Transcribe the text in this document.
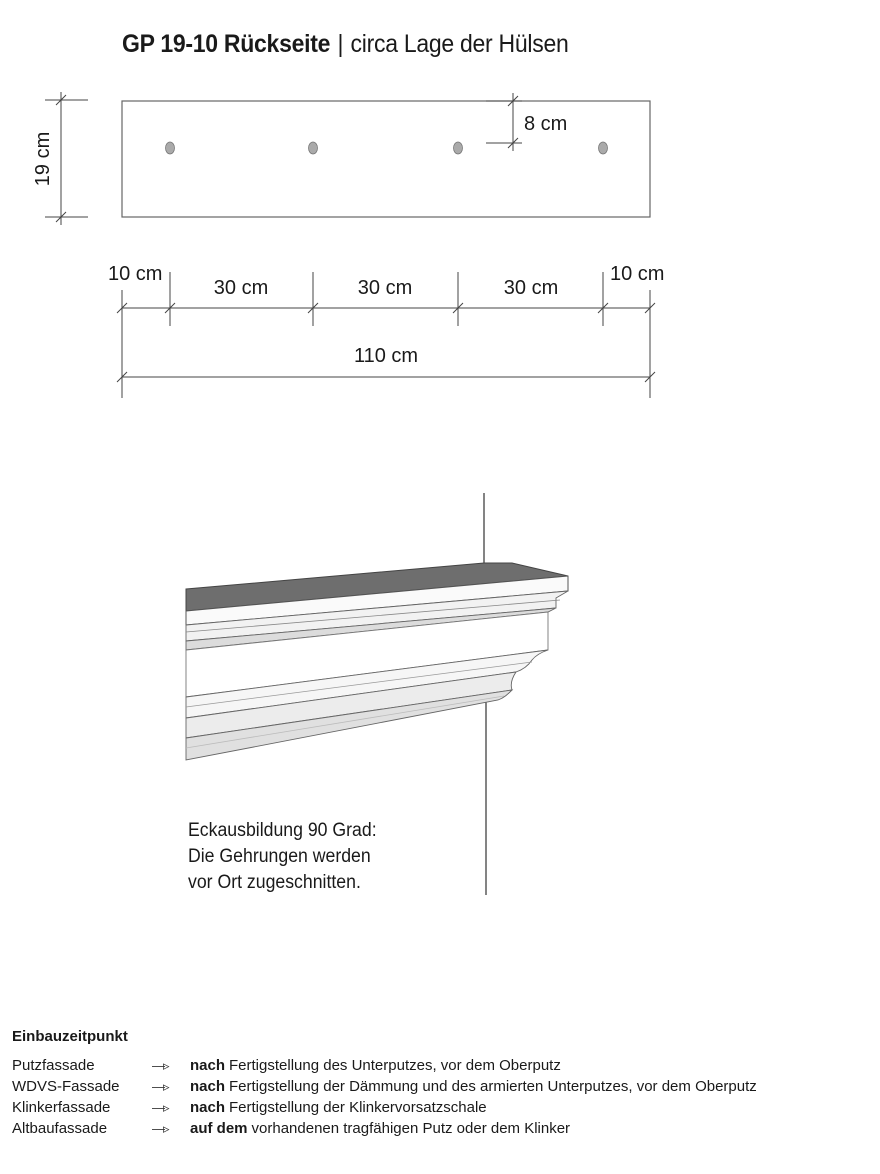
GP 19-10 Rückseite | circa Lage der Hülsen
19 cm
8 cm
10 cm
30 cm	30 cm	30 cm
10 cm
110 cm
Eckausbildung 90 Grad:
Die Gehrungen werden
vor Ort zugeschnitten.
Einbauzeitpunkt
Putzfassade	—▹	nach Fertigstellung des Unterputzes, vor dem Oberputz
WDVS-Fassade	—▹	nach Fertigstellung der Dämmung und des armierten Unterputzes, vor dem Oberputz
Klinkerfassade	—▹	nach Fertigstellung der Klinkervorsatzschale
Altbaufassade	—▹	auf dem vorhandenen tragfähigen Putz oder dem Klinker
